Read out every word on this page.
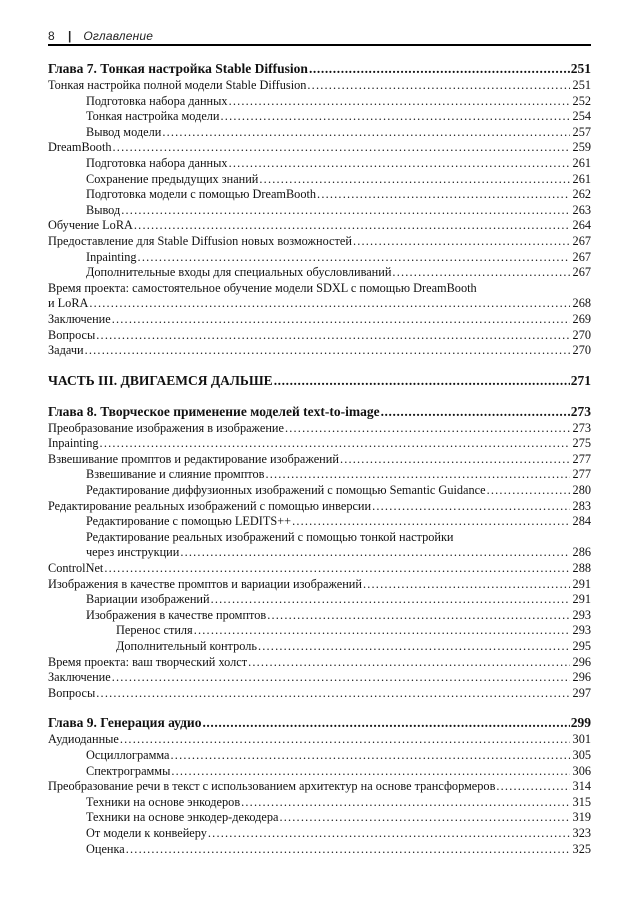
8	| Оглавление
Глава 7. Тонкая настройка Stable Diffusion .....	251
Тонкая настройка полной модели Stable Diffusion .....	251
Подготовка набора данных .....	252
Тонкая настройка модели .....	254
Вывод модели .....	257
DreamBooth .....	259
Подготовка набора данных .....	261
Сохранение предыдущих знаний .....	261
Подготовка модели с помощью DreamBooth .....	262
Вывод .....	263
Обучение LoRA .....	264
Предоставление для Stable Diffusion новых возможностей .....	267
Inpainting .....	267
Дополнительные входы для специальных обусловливаний .....	267
Время проекта: самостоятельное обучение модели SDXL с помощью DreamBooth
и LoRA .....	268
Заключение .....	269
Вопросы .....	270
Задачи .....	270
ЧАСТЬ III. ДВИГАЕМСЯ ДАЛЬШЕ .....	271
Глава 8. Творческое применение моделей text-to-image .....	273
Преобразование изображения в изображение .....	273
Inpainting .....	275
Взвешивание промптов и редактирование изображений .....	277
Взвешивание и слияние промптов .....	277
Редактирование диффузионных изображений с помощью Semantic Guidance .....	280
Редактирование реальных изображений с помощью инверсии .....	283
Редактирование с помощью LEDITS++ .....	284
Редактирование реальных изображений с помощью тонкой настройки
через инструкции .....	286
ControlNet .....	288
Изображения в качестве промптов и вариации изображений .....	291
Вариации изображений .....	291
Изображения в качестве промптов .....	293
Перенос стиля .....	293
Дополнительный контроль .....	295
Время проекта: ваш творческий холст .....	296
Заключение .....	296
Вопросы .....	297
Глава 9. Генерация аудио .....	299
Аудиоданные .....	301
Осциллограмма .....	305
Спектрограммы .....	306
Преобразование речи в текст с использованием архитектур на основе трансформеров .....	314
Техники на основе энкодеров .....	315
Техники на основе энкодер-декодера .....	319
От модели к конвейеру .....	323
Оценка .....	325
